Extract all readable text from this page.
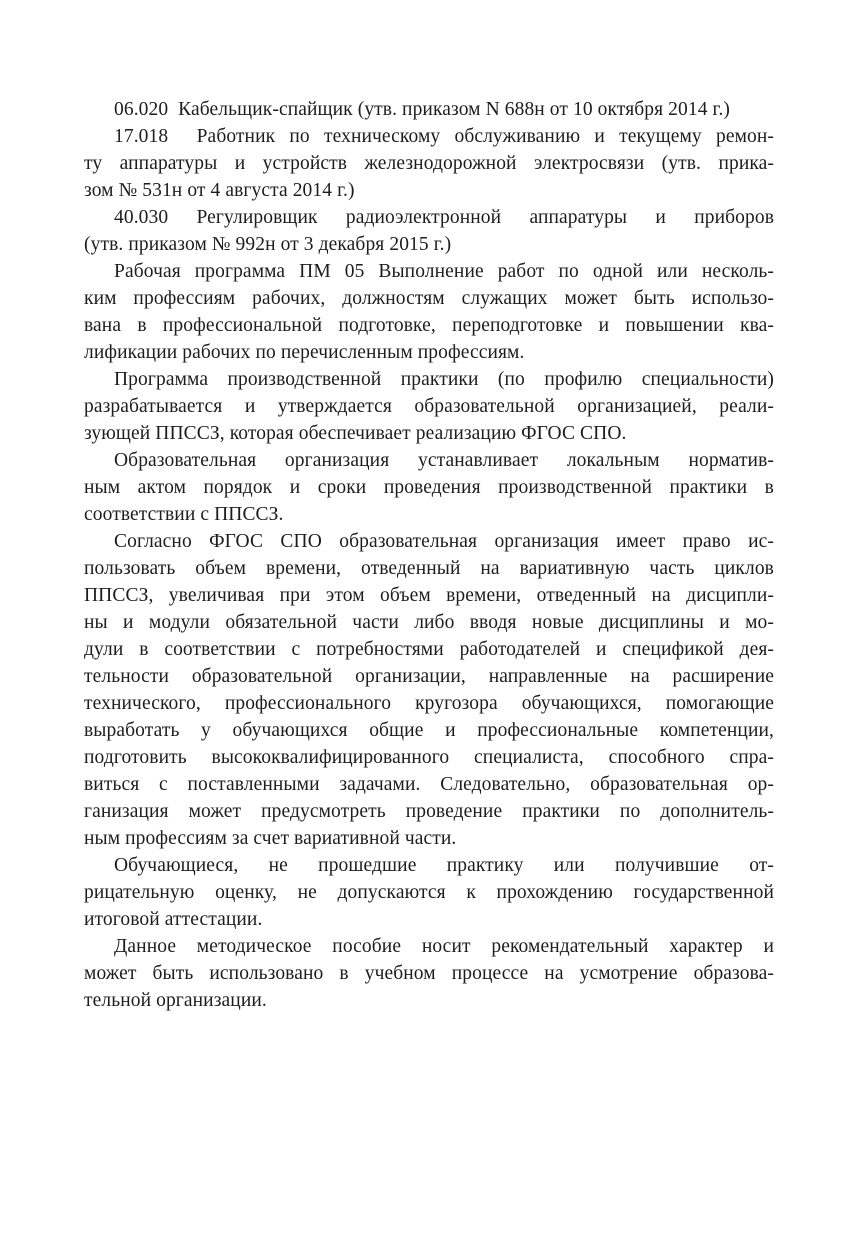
06.020  Кабельщик-спайщик (утв. приказом N 688н от 10 октября 2014 г.)
17.018  Работник по техническому обслуживанию и текущему ремон-
ту аппаратуры и устройств железнодорожной электросвязи (утв. прика-
зом № 531н от 4 августа 2014 г.)
40.030 Регулировщик радиоэлектронной аппаратуры и приборов
(утв. приказом № 992н от 3 декабря 2015 г.)
Рабочая программа ПМ 05 Выполнение работ по одной или несколь-
ким профессиям рабочих, должностям служащих может быть использо-
вана в профессиональной подготовке, переподготовке и повышении ква-
лификации рабочих по перечисленным профессиям.
Программа производственной практики (по профилю специальности)
разрабатывается и утверждается образовательной организацией, реали-
зующей ППССЗ, которая обеспечивает реализацию ФГОС СПО.
Образовательная организация устанавливает локальным норматив-
ным актом порядок и сроки проведения производственной практики в
соответствии с ППССЗ.
Согласно ФГОС СПО образовательная организация имеет право ис-
пользовать объем времени, отведенный на вариативную часть циклов
ППССЗ, увеличивая при этом объем времени, отведенный на дисципли-
ны и модули обязательной части либо вводя новые дисциплины и мо-
дули в соответствии с потребностями работодателей и спецификой дея-
тельности образовательной организации, направленные на расширение
технического, профессионального кругозора обучающихся, помогающие
выработать у обучающихся общие и профессиональные компетенции,
подготовить высококвалифицированного специалиста, способного спра-
виться с поставленными задачами. Следовательно, образовательная ор-
ганизация может предусмотреть проведение практики по дополнитель-
ным профессиям за счет вариативной части.
Обучающиеся, не прошедшие практику или получившие от-
рицательную оценку, не допускаются к прохождению государственной
итоговой аттестации.
Данное методическое пособие носит рекомендательный характер и
может быть использовано в учебном процессе на усмотрение образова-
тельной организации.
